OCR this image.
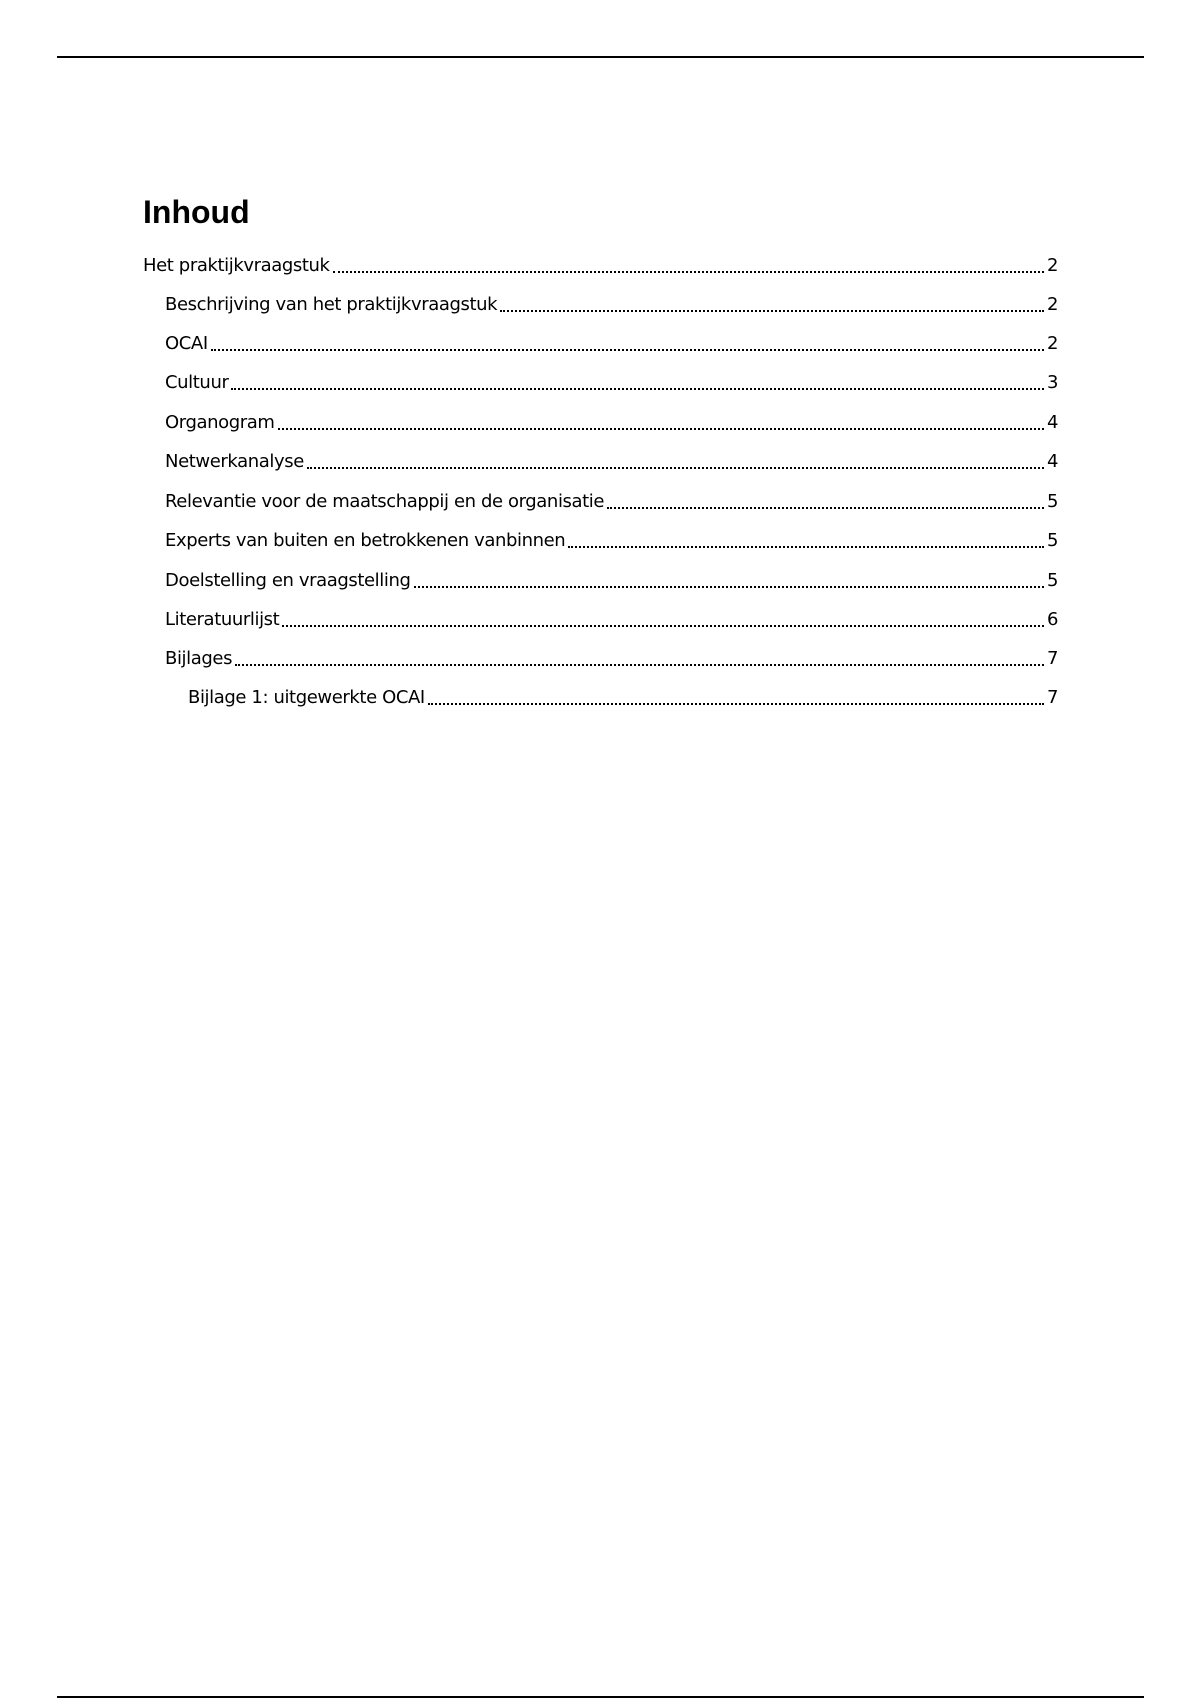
Inhoud
Het praktijkvraagstuk	2
Beschrijving van het praktijkvraagstuk	2
OCAI	2
Cultuur	3
Organogram	4
Netwerkanalyse	4
Relevantie voor de maatschappij en de organisatie	5
Experts van buiten en betrokkenen vanbinnen	5
Doelstelling en vraagstelling	5
Literatuurlijst	6
Bijlages	7
Bijlage 1: uitgewerkte OCAI	7
